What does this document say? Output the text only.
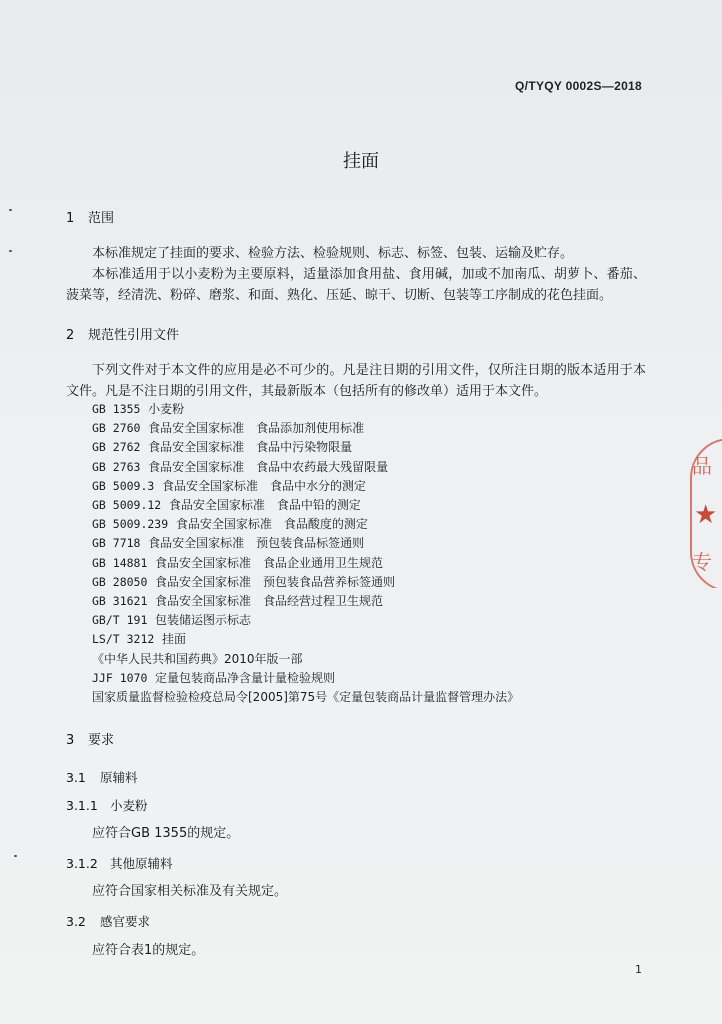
Q/TYQY 0002S—2018
挂面
1 范围
本标准规定了挂面的要求、检验方法、检验规则、标志、标签、包装、运输及贮存。
本标准适用于以小麦粉为主要原料，适量添加食用盐、食用碱，加或不加南瓜、胡萝卜、番茄、菠菜等，经清洗、粉碎、磨浆、和面、熟化、压延、晾干、切断、包装等工序制成的花色挂面。
2 规范性引用文件
下列文件对于本文件的应用是必不可少的。凡是注日期的引用文件，仅所注日期的版本适用于本文件。凡是不注日期的引用文件，其最新版本（包括所有的修改单）适用于本文件。
GB 1355 小麦粉
GB 2760 食品安全国家标准　食品添加剂使用标准
GB 2762 食品安全国家标准　食品中污染物限量
GB 2763 食品安全国家标准　食品中农药最大残留限量
GB 5009.3 食品安全国家标准　食品中水分的测定
GB 5009.12 食品安全国家标准　食品中铅的测定
GB 5009.239 食品安全国家标准　食品酸度的测定
GB 7718 食品安全国家标准　预包装食品标签通则
GB 14881 食品安全国家标准　食品企业通用卫生规范
GB 28050 食品安全国家标准　预包装食品营养标签通则
GB 31621 食品安全国家标准　食品经营过程卫生规范
GB/T 191 包装储运图示标志
LS/T 3212 挂面
《中华人民共和国药典》2010年版一部
JJF 1070 定量包装商品净含量计量检验规则
国家质量监督检验检疫总局令[2005]第75号《定量包装商品计量监督管理办法》
3 要求
3.1 原辅料
3.1.1 小麦粉
应符合GB 1355的规定。
3.1.2 其他原辅料
应符合国家相关标准及有关规定。
3.2 感官要求
应符合表1的规定。
1
品
★
专
